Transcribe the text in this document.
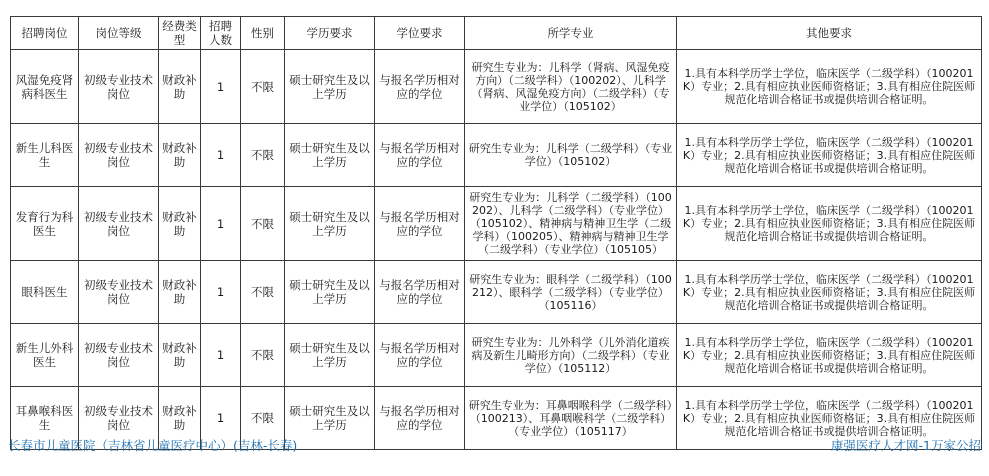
招聘岗位	岗位等级	经费类型	招聘人数	性别	学历要求	学位要求	所学专业	其他要求
风湿免疫肾病科医生	初级专业技术岗位	财政补助	1	不限	硕士研究生及以上学历	与报名学历相对应的学位	研究生专业为：儿科学（肾病、风湿免疫方向）（二级学科）（100202）、儿科学（肾病、风湿免疫方向）（二级学科）（专业学位）（105102）	1.具有本科学历学士学位，临床医学（二级学科）（100201K）专业；2.具有相应执业医师资格证；3.具有相应住院医师规范化培训合格证书或提供培训合格证明。
新生儿科医生	初级专业技术岗位	财政补助	1	不限	硕士研究生及以上学历	与报名学历相对应的学位	研究生专业为：儿科学（二级学科）（专业学位）（105102）	1.具有本科学历学士学位，临床医学（二级学科）（100201K）专业；2.具有相应执业医师资格证；3.具有相应住院医师规范化培训合格证书或提供培训合格证明。
发育行为科医生	初级专业技术岗位	财政补助	1	不限	硕士研究生及以上学历	与报名学历相对应的学位	研究生专业为：儿科学（二级学科）（100202）、儿科学（二级学科）（专业学位）（105102）、精神病与精神卫生学（二级学科）（100205）、精神病与精神卫生学（二级学科）（专业学位）（105105）	1.具有本科学历学士学位，临床医学（二级学科）（100201K）专业；2.具有相应执业医师资格证；3.具有相应住院医师规范化培训合格证书或提供培训合格证明。
眼科医生	初级专业技术岗位	财政补助	1	不限	硕士研究生及以上学历	与报名学历相对应的学位	研究生专业为：眼科学（二级学科）（100212）、眼科学（二级学科）（专业学位）（105116）	1.具有本科学历学士学位，临床医学（二级学科）（100201K）专业；2.具有相应执业医师资格证；3.具有相应住院医师规范化培训合格证书或提供培训合格证明。
新生儿外科医生	初级专业技术岗位	财政补助	1	不限	硕士研究生及以上学历	与报名学历相对应的学位	研究生专业为：儿外科学（儿外消化道疾病及新生儿畸形方向）（二级学科）（专业学位）（105112）	1.具有本科学历学士学位，临床医学（二级学科）（100201K）专业；2.具有相应执业医师资格证；3.具有相应住院医师规范化培训合格证书或提供培训合格证明。
耳鼻喉科医生	初级专业技术岗位	财政补助	1	不限	硕士研究生及以上学历	与报名学历相对应的学位	研究生专业为：耳鼻咽喉科学（二级学科）（100213）、耳鼻咽喉科学（二级学科）（专业学位）（105117）	1.具有本科学历学士学位，临床医学（二级学科）（100201K）专业；2.具有相应执业医师资格证；3.具有相应住院医师规范化培训合格证书或提供培训合格证明。
长春市儿童医院（吉林省儿童医疗中心）(吉林-长春)	康强医疗人才网-1万家公招
